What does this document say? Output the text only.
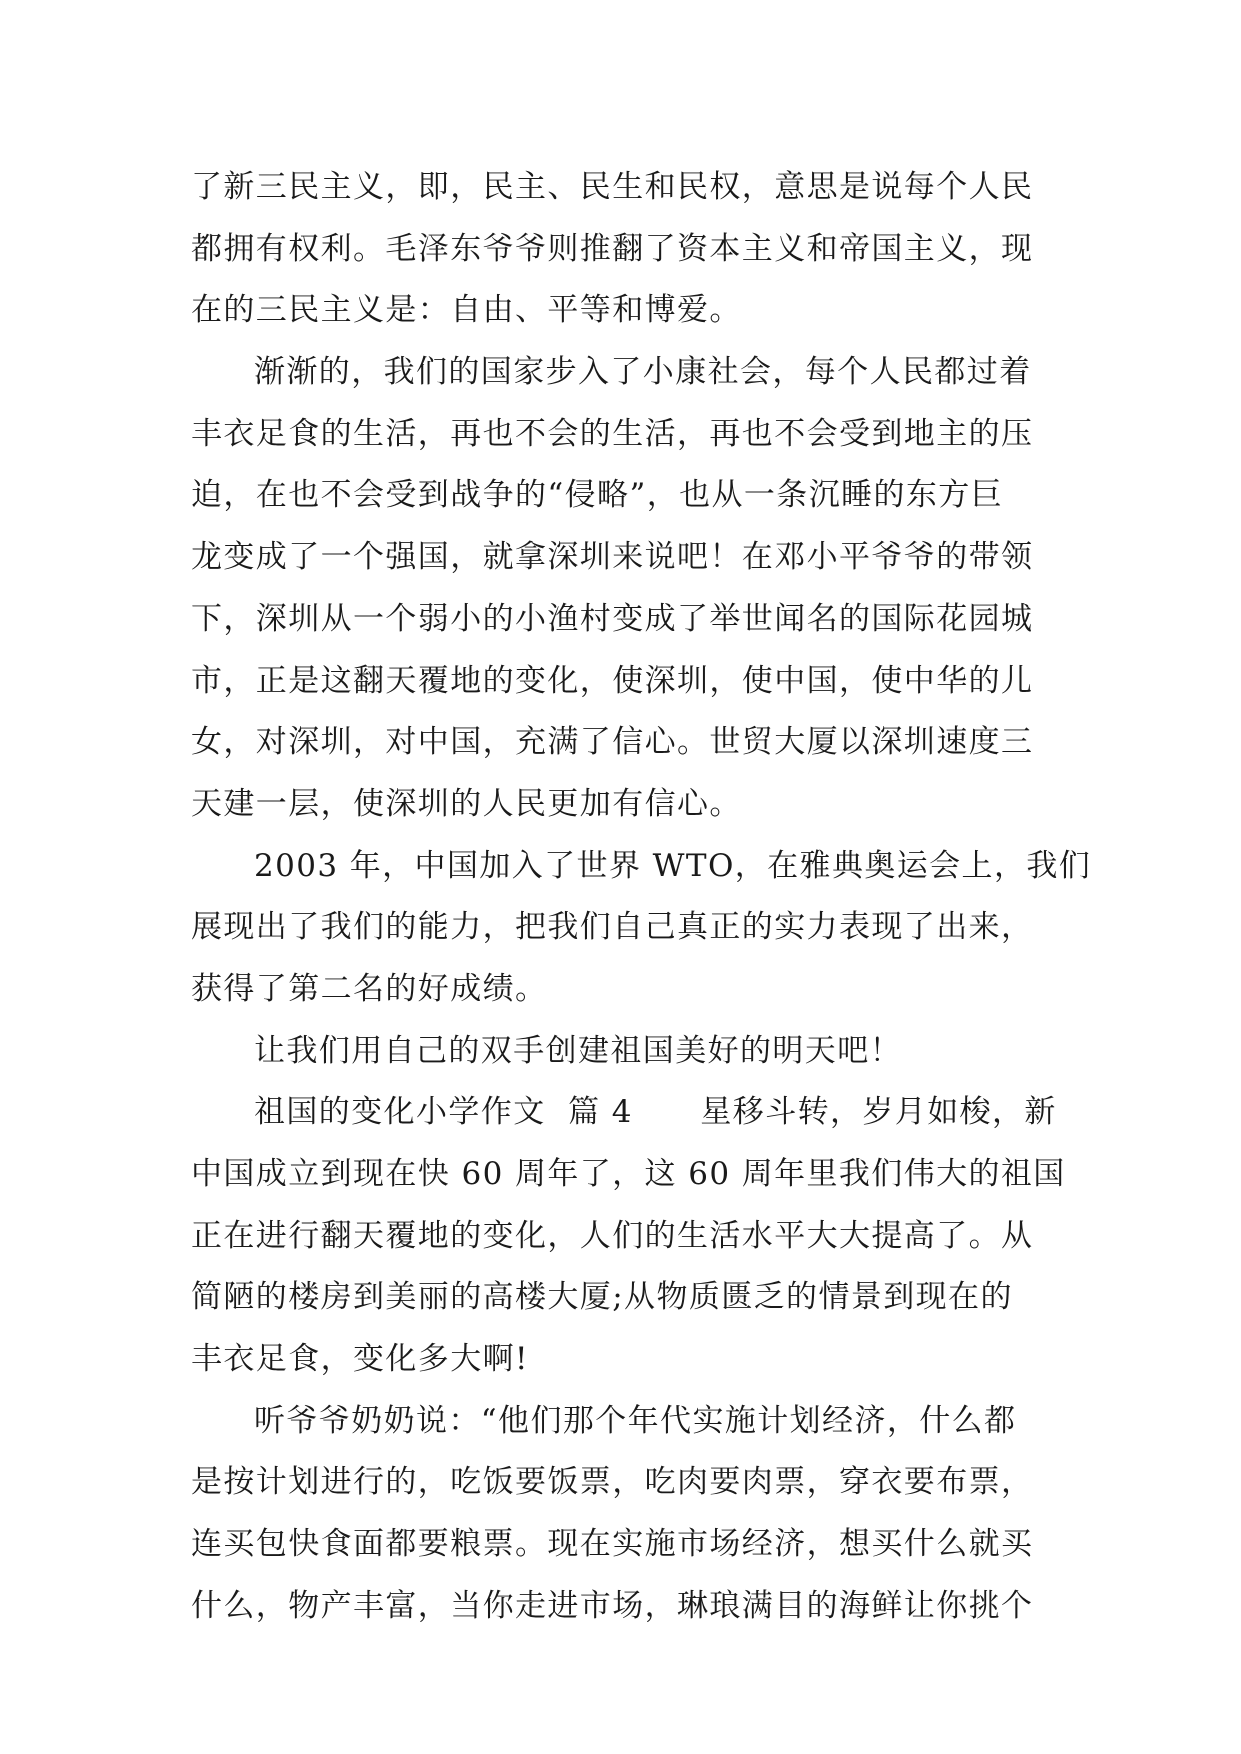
了新三民主义，即，民主、民生和民权，意思是说每个人民
都拥有权利。毛泽东爷爷则推翻了资本主义和帝国主义，现
在的三民主义是：自由、平等和博爱。
渐渐的，我们的国家步入了小康社会，每个人民都过着
丰衣足食的生活，再也不会的生活，再也不会受到地主的压
迫，在也不会受到战争的“侵略”，也从一条沉睡的东方巨
龙变成了一个强国，就拿深圳来说吧！在邓小平爷爷的带领
下，深圳从一个弱小的小渔村变成了举世闻名的国际花园城
市，正是这翻天覆地的变化，使深圳，使中国，使中华的儿
女，对深圳，对中国，充满了信心。世贸大厦以深圳速度三
天建一层，使深圳的人民更加有信心。
2003 年，中国加入了世界 WTO，在雅典奥运会上，我们
展现出了我们的能力，把我们自己真正的实力表现了出来，
获得了第二名的好成绩。
让我们用自己的双手创建祖国美好的明天吧！
祖国的变化小学作文  篇 4      星移斗转，岁月如梭，新
中国成立到现在快 60 周年了，这 60 周年里我们伟大的祖国
正在进行翻天覆地的变化，人们的生活水平大大提高了。从
简陋的楼房到美丽的高楼大厦;从物质匮乏的情景到现在的
丰衣足食，变化多大啊!
听爷爷奶奶说：“他们那个年代实施计划经济，什么都
是按计划进行的，吃饭要饭票，吃肉要肉票，穿衣要布票，
连买包快食面都要粮票。现在实施市场经济，想买什么就买
什么，物产丰富，当你走进市场，琳琅满目的海鲜让你挑个
